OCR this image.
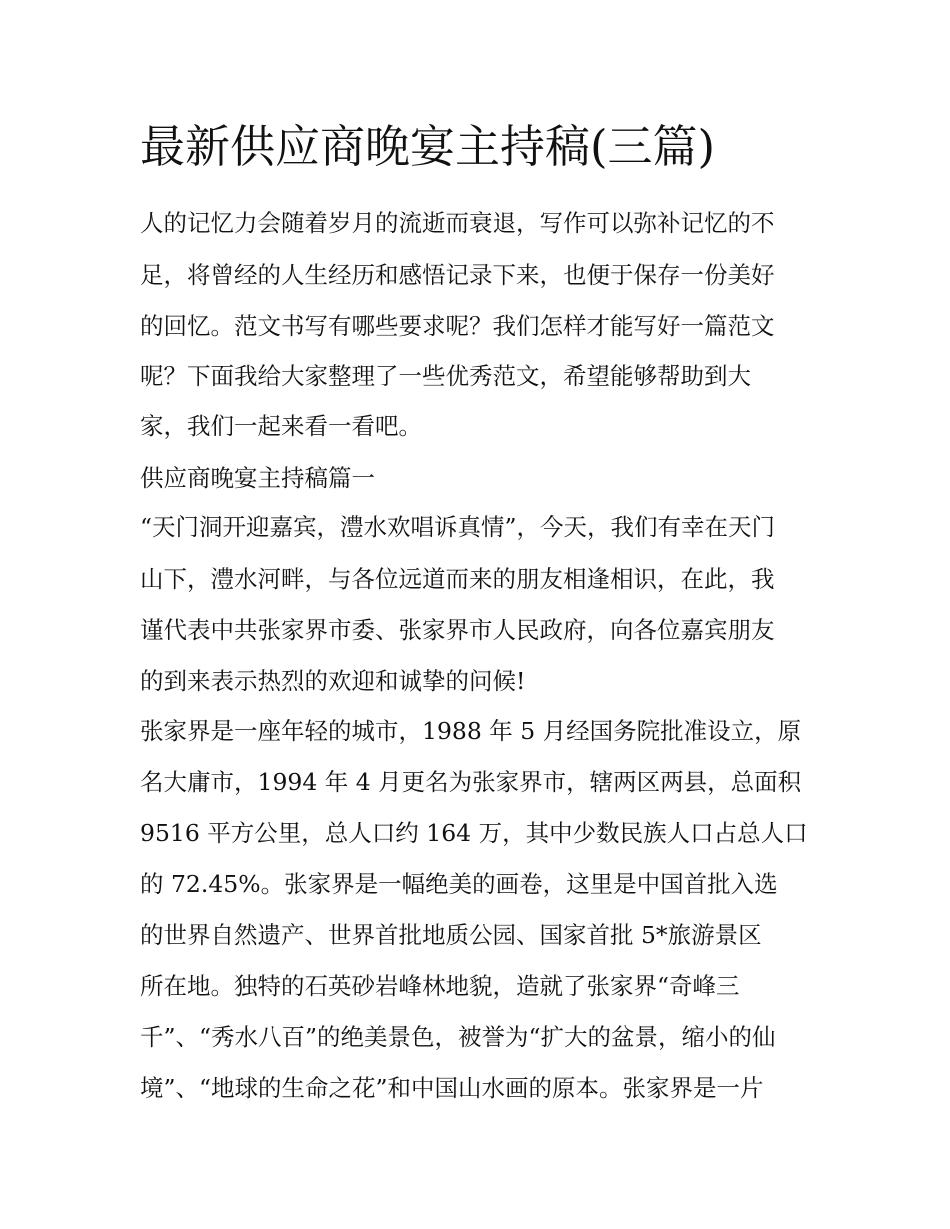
最新供应商晚宴主持稿(三篇)

人的记忆力会随着岁月的流逝而衰退，写作可以弥补记忆的不

足，将曾经的人生经历和感悟记录下来，也便于保存一份美好

的回忆。范文书写有哪些要求呢？我们怎样才能写好一篇范文

呢？下面我给大家整理了一些优秀范文，希望能够帮助到大

家，我们一起来看一看吧。

供应商晚宴主持稿篇一

“天门洞开迎嘉宾，澧水欢唱诉真情”，今天，我们有幸在天门

山下，澧水河畔，与各位远道而来的朋友相逢相识，在此，我

谨代表中共张家界市委、张家界市人民政府，向各位嘉宾朋友

的到来表示热烈的欢迎和诚挚的问候!

张家界是一座年轻的城市，1988 年 5 月经国务院批准设立，原

名大庸市，1994 年 4 月更名为张家界市，辖两区两县，总面积

9516 平方公里，总人口约 164 万，其中少数民族人口占总人口

的 72.45%。张家界是一幅绝美的画卷，这里是中国首批入选

的世界自然遗产、世界首批地质公园、国家首批 5*旅游景区

所在地。独特的石英砂岩峰林地貌，造就了张家界“奇峰三

千”、“秀水八百”的绝美景色，被誉为“扩大的盆景，缩小的仙

境”、“地球的生命之花”和中国山水画的原本。张家界是一片
